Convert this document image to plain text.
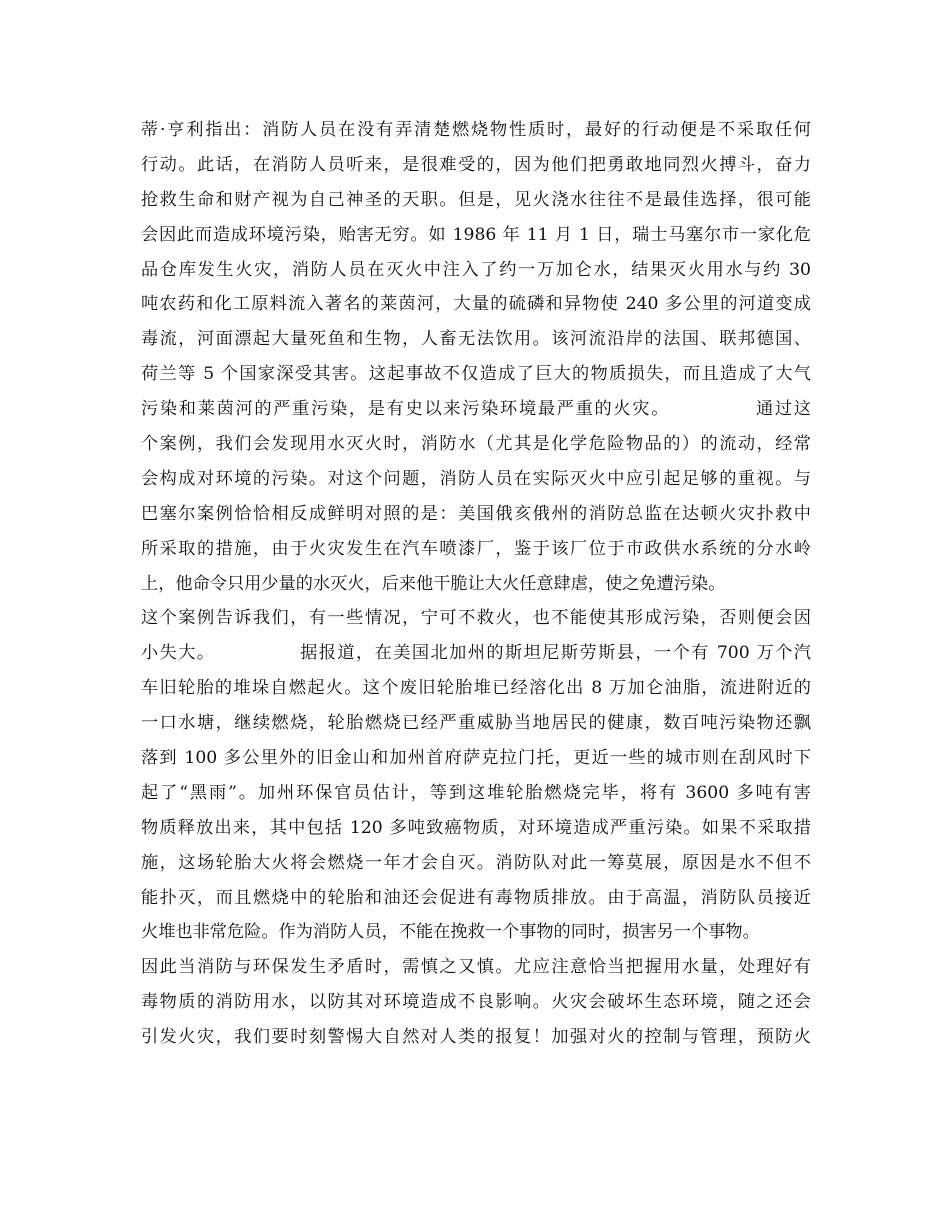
蒂·亨利指出：消防人员在没有弄清楚燃烧物性质时，最好的行动便是不采取任何
行动。此话，在消防人员听来，是很难受的，因为他们把勇敢地同烈火搏斗，奋力
抢救生命和财产视为自己神圣的天职。但是，见火浇水往往不是最佳选择，很可能
会因此而造成环境污染，贻害无穷。如 1986 年 11 月 1 日，瑞士马塞尔市一家化危
品仓库发生火灾，消防人员在灭火中注入了约一万加仑水，结果灭火用水与约 30
吨农药和化工原料流入著名的莱茵河，大量的硫磷和异物使 240 多公里的河道变成
毒流，河面漂起大量死鱼和生物，人畜无法饮用。该河流沿岸的法国、联邦德国、
荷兰等 5 个国家深受其害。这起事故不仅造成了巨大的物质损失，而且造成了大气
污染和莱茵河的严重污染，是有史以来污染环境最严重的火灾。　　　　　通过这
个案例，我们会发现用水灭火时，消防水（尤其是化学危险物品的）的流动，经常
会构成对环境的污染。对这个问题，消防人员在实际灭火中应引起足够的重视。与
巴塞尔案例恰恰相反成鲜明对照的是：美国俄亥俄州的消防总监在达顿火灾扑救中
所采取的措施，由于火灾发生在汽车喷漆厂，鉴于该厂位于市政供水系统的分水岭
上，他命令只用少量的水灭火，后来他干脆让大火任意肆虐，使之免遭污染。
这个案例告诉我们，有一些情况，宁可不救火，也不能使其形成污染，否则便会因
小失大。　　　　　据报道，在美国北加州的斯坦尼斯劳斯县，一个有 700 万个汽
车旧轮胎的堆垛自燃起火。这个废旧轮胎堆已经溶化出 8 万加仑油脂，流进附近的
一口水塘，继续燃烧，轮胎燃烧已经严重威胁当地居民的健康，数百吨污染物还飘
落到 100 多公里外的旧金山和加州首府萨克拉门托，更近一些的城市则在刮风时下
起了“黑雨”。加州环保官员估计，等到这堆轮胎燃烧完毕，将有 3600 多吨有害
物质释放出来，其中包括 120 多吨致癌物质，对环境造成严重污染。如果不采取措
施，这场轮胎大火将会燃烧一年才会自灭。消防队对此一筹莫展，原因是水不但不
能扑灭，而且燃烧中的轮胎和油还会促进有毒物质排放。由于高温，消防队员接近
火堆也非常危险。作为消防人员，不能在挽救一个事物的同时，损害另一个事物。
因此当消防与环保发生矛盾时，需慎之又慎。尤应注意恰当把握用水量，处理好有
毒物质的消防用水，以防其对环境造成不良影响。火灾会破坏生态环境，随之还会
引发火灾，我们要时刻警惕大自然对人类的报复！加强对火的控制与管理，预防火
